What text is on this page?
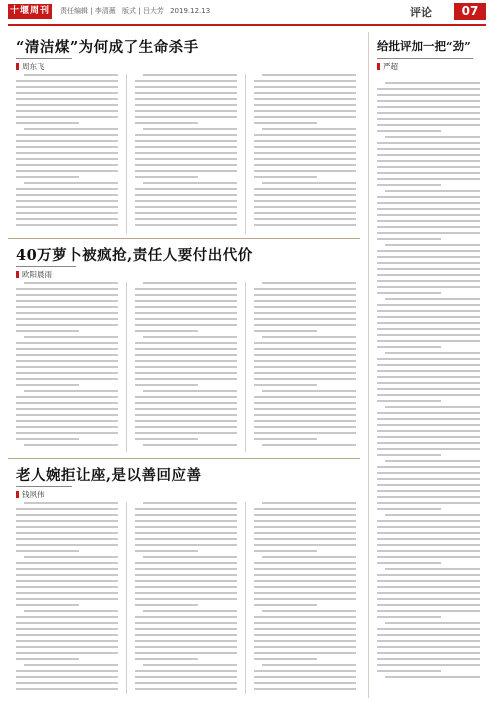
十堰周刊 责任编辑 | 李清薇 版式 | 吕大芳 2019.12.13	评论	07
“清洁煤”为何成了生命杀手
周东飞
40万萝卜被疯抢,责任人要付出代价
欧阳晨雨
老人婉拒让座,是以善回应善
钱夙伟
给批评加一把“劲”
严超
